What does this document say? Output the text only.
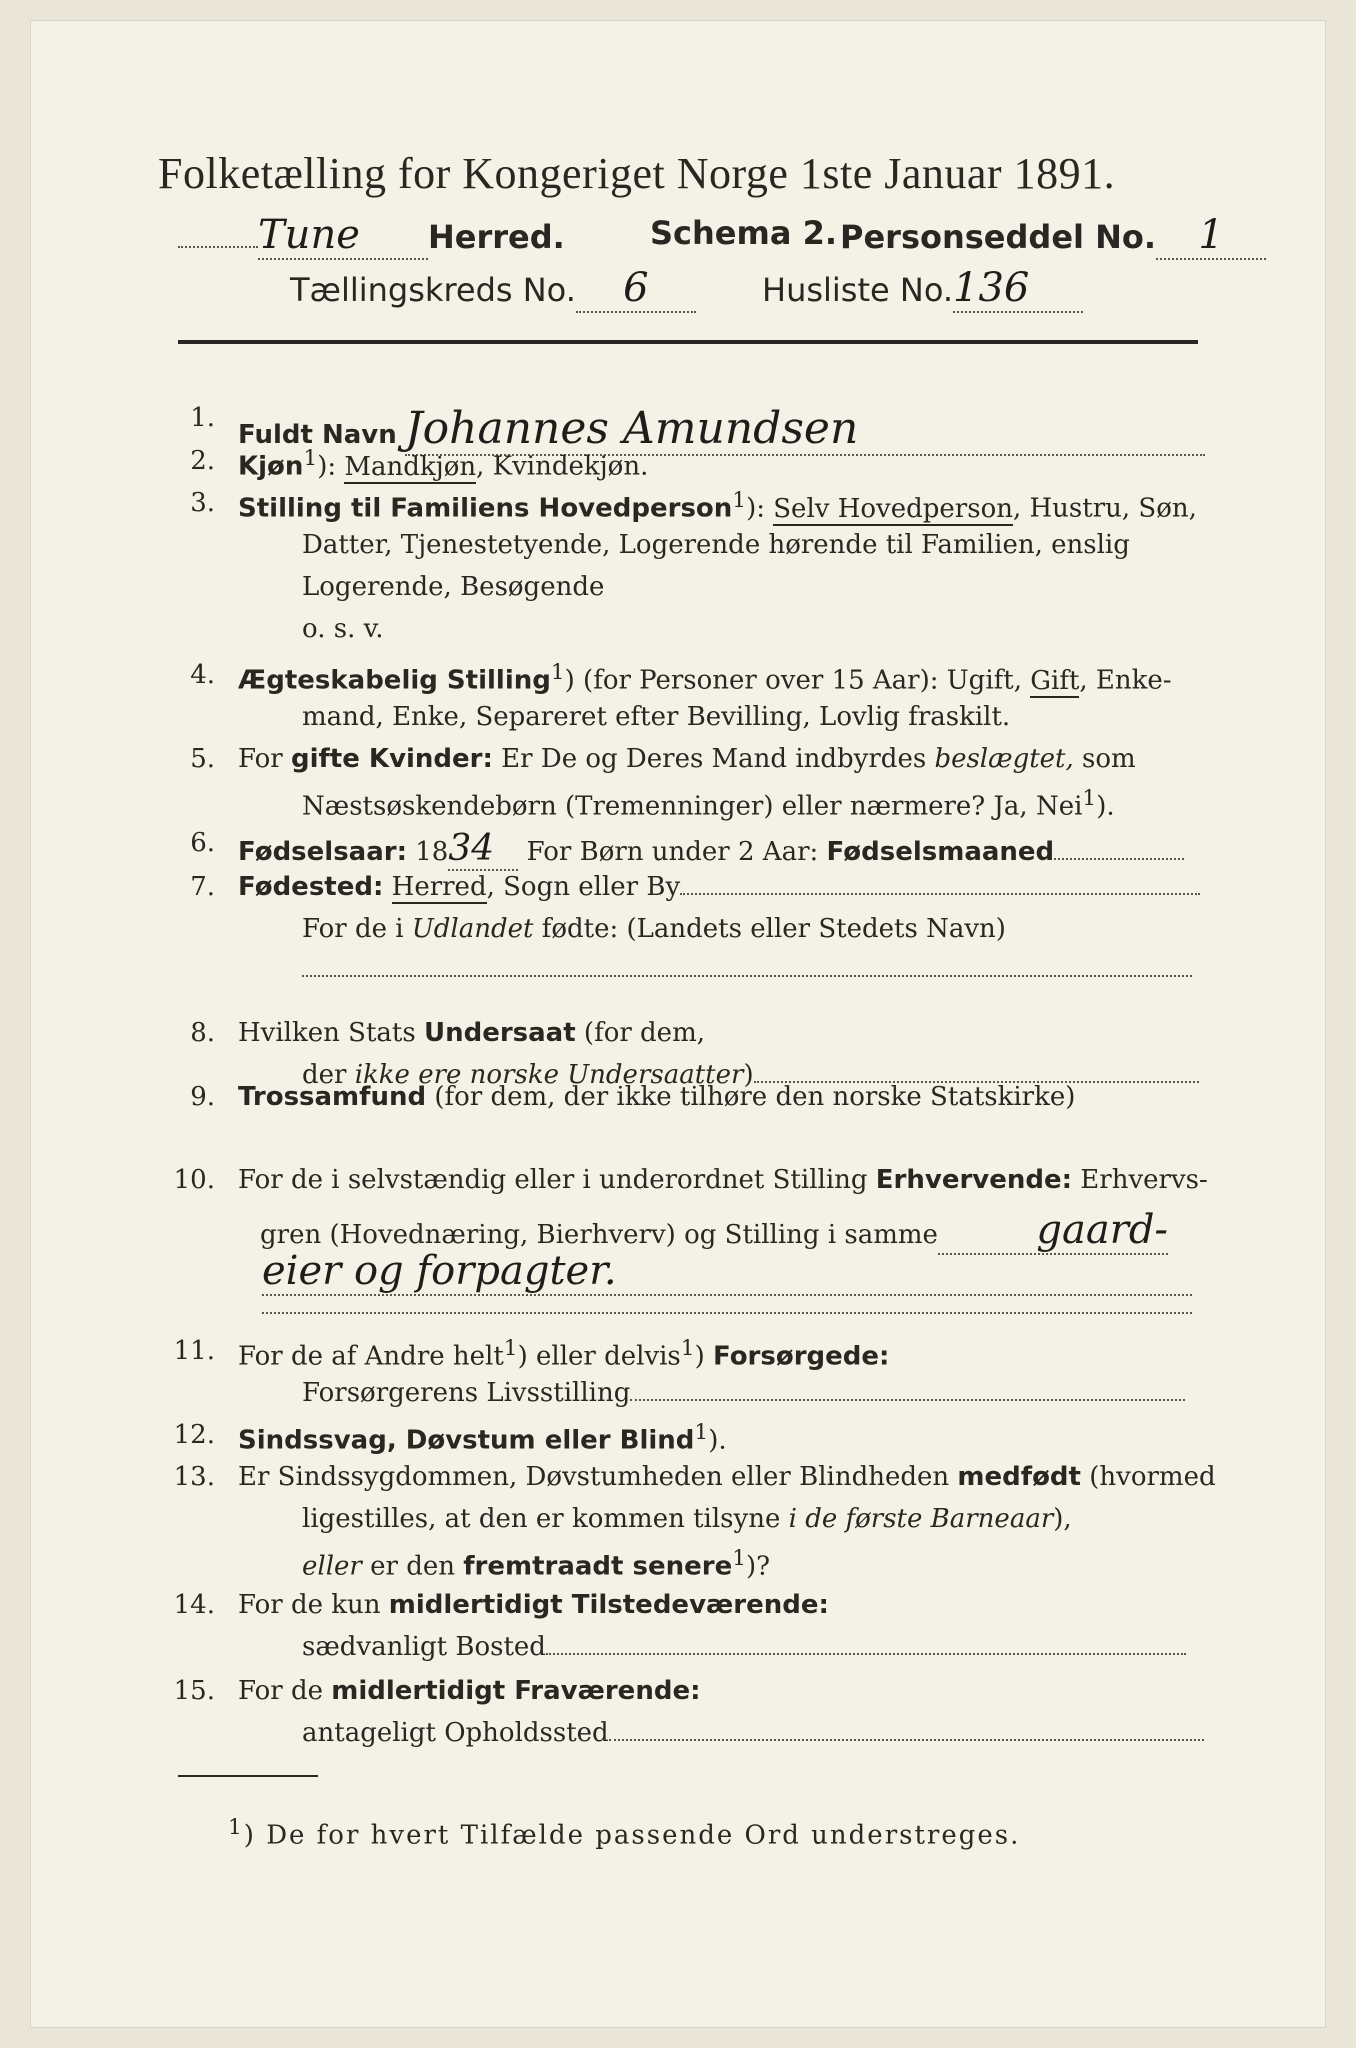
Folketælling for Kongeriget Norge 1ste Januar 1891.
Tune Herred.	Schema 2. Personseddel No. 1
Tællingskreds No. 6	Husliste No.136
1.
Fuldt Navn Johannes Amundsen
2. Kjøn$^1$): Mandkjøn, Kvindekjøn.
3. Stilling til Familiens Hovedperson$^1$): Selv Hovedperson, Hustru, Søn,
Datter, Tjenestetyende, Logerende hørende til Familien, enslig
Logerende, Besøgende
o. s. v.
4. Ægteskabelig Stilling$^1$) (for Personer over 15 Aar): Ugift, Gift, Enke-
mand, Enke, Separeret efter Bevilling, Lovlig fraskilt.
5. For gifte Kvinder: Er De og Deres Mand indbyrdes beslægtet, som
Næstsøskendebørn (Tremenninger) eller nærmere? Ja, Nei$^1$).
6. Fødselsaar: 1834 For Børn under 2 Aar: Fødselsmaaned
7. Fødested: Herred, Sogn eller By
For de i Udlandet fødte: (Landets eller Stedets Navn)
8. Hvilken Stats Undersaat (for dem,
der ikke ere norske Undersaatter)
9. Trossamfund (for dem, der ikke tilhøre den norske Statskirke)
10. For de i selvstændig eller i underordnet Stilling Erhvervende: Erhvervs-
gren (Hovednæring, Bierhverv) og Stilling i samme gaard-
eier og forpagter.
11. For de af Andre helt$^1$) eller delvis$^1$) Forsørgede:
Forsørgerens Livsstilling
12. Sindssvag, Døvstum eller Blind$^1$).
13. Er Sindssygdommen, Døvstumheden eller Blindheden medfødt (hvormed
ligestilles, at den er kommen tilsyne i de første Barneaar),
eller er den fremtraadt senere$^1$)?
14. For de kun midlertidigt Tilstedeværende:
sædvanligt Bosted
15. For de midlertidigt Fraværende:
antageligt Opholdssted
$^1$) De for hvert Tilfælde passende Ord understreges.
